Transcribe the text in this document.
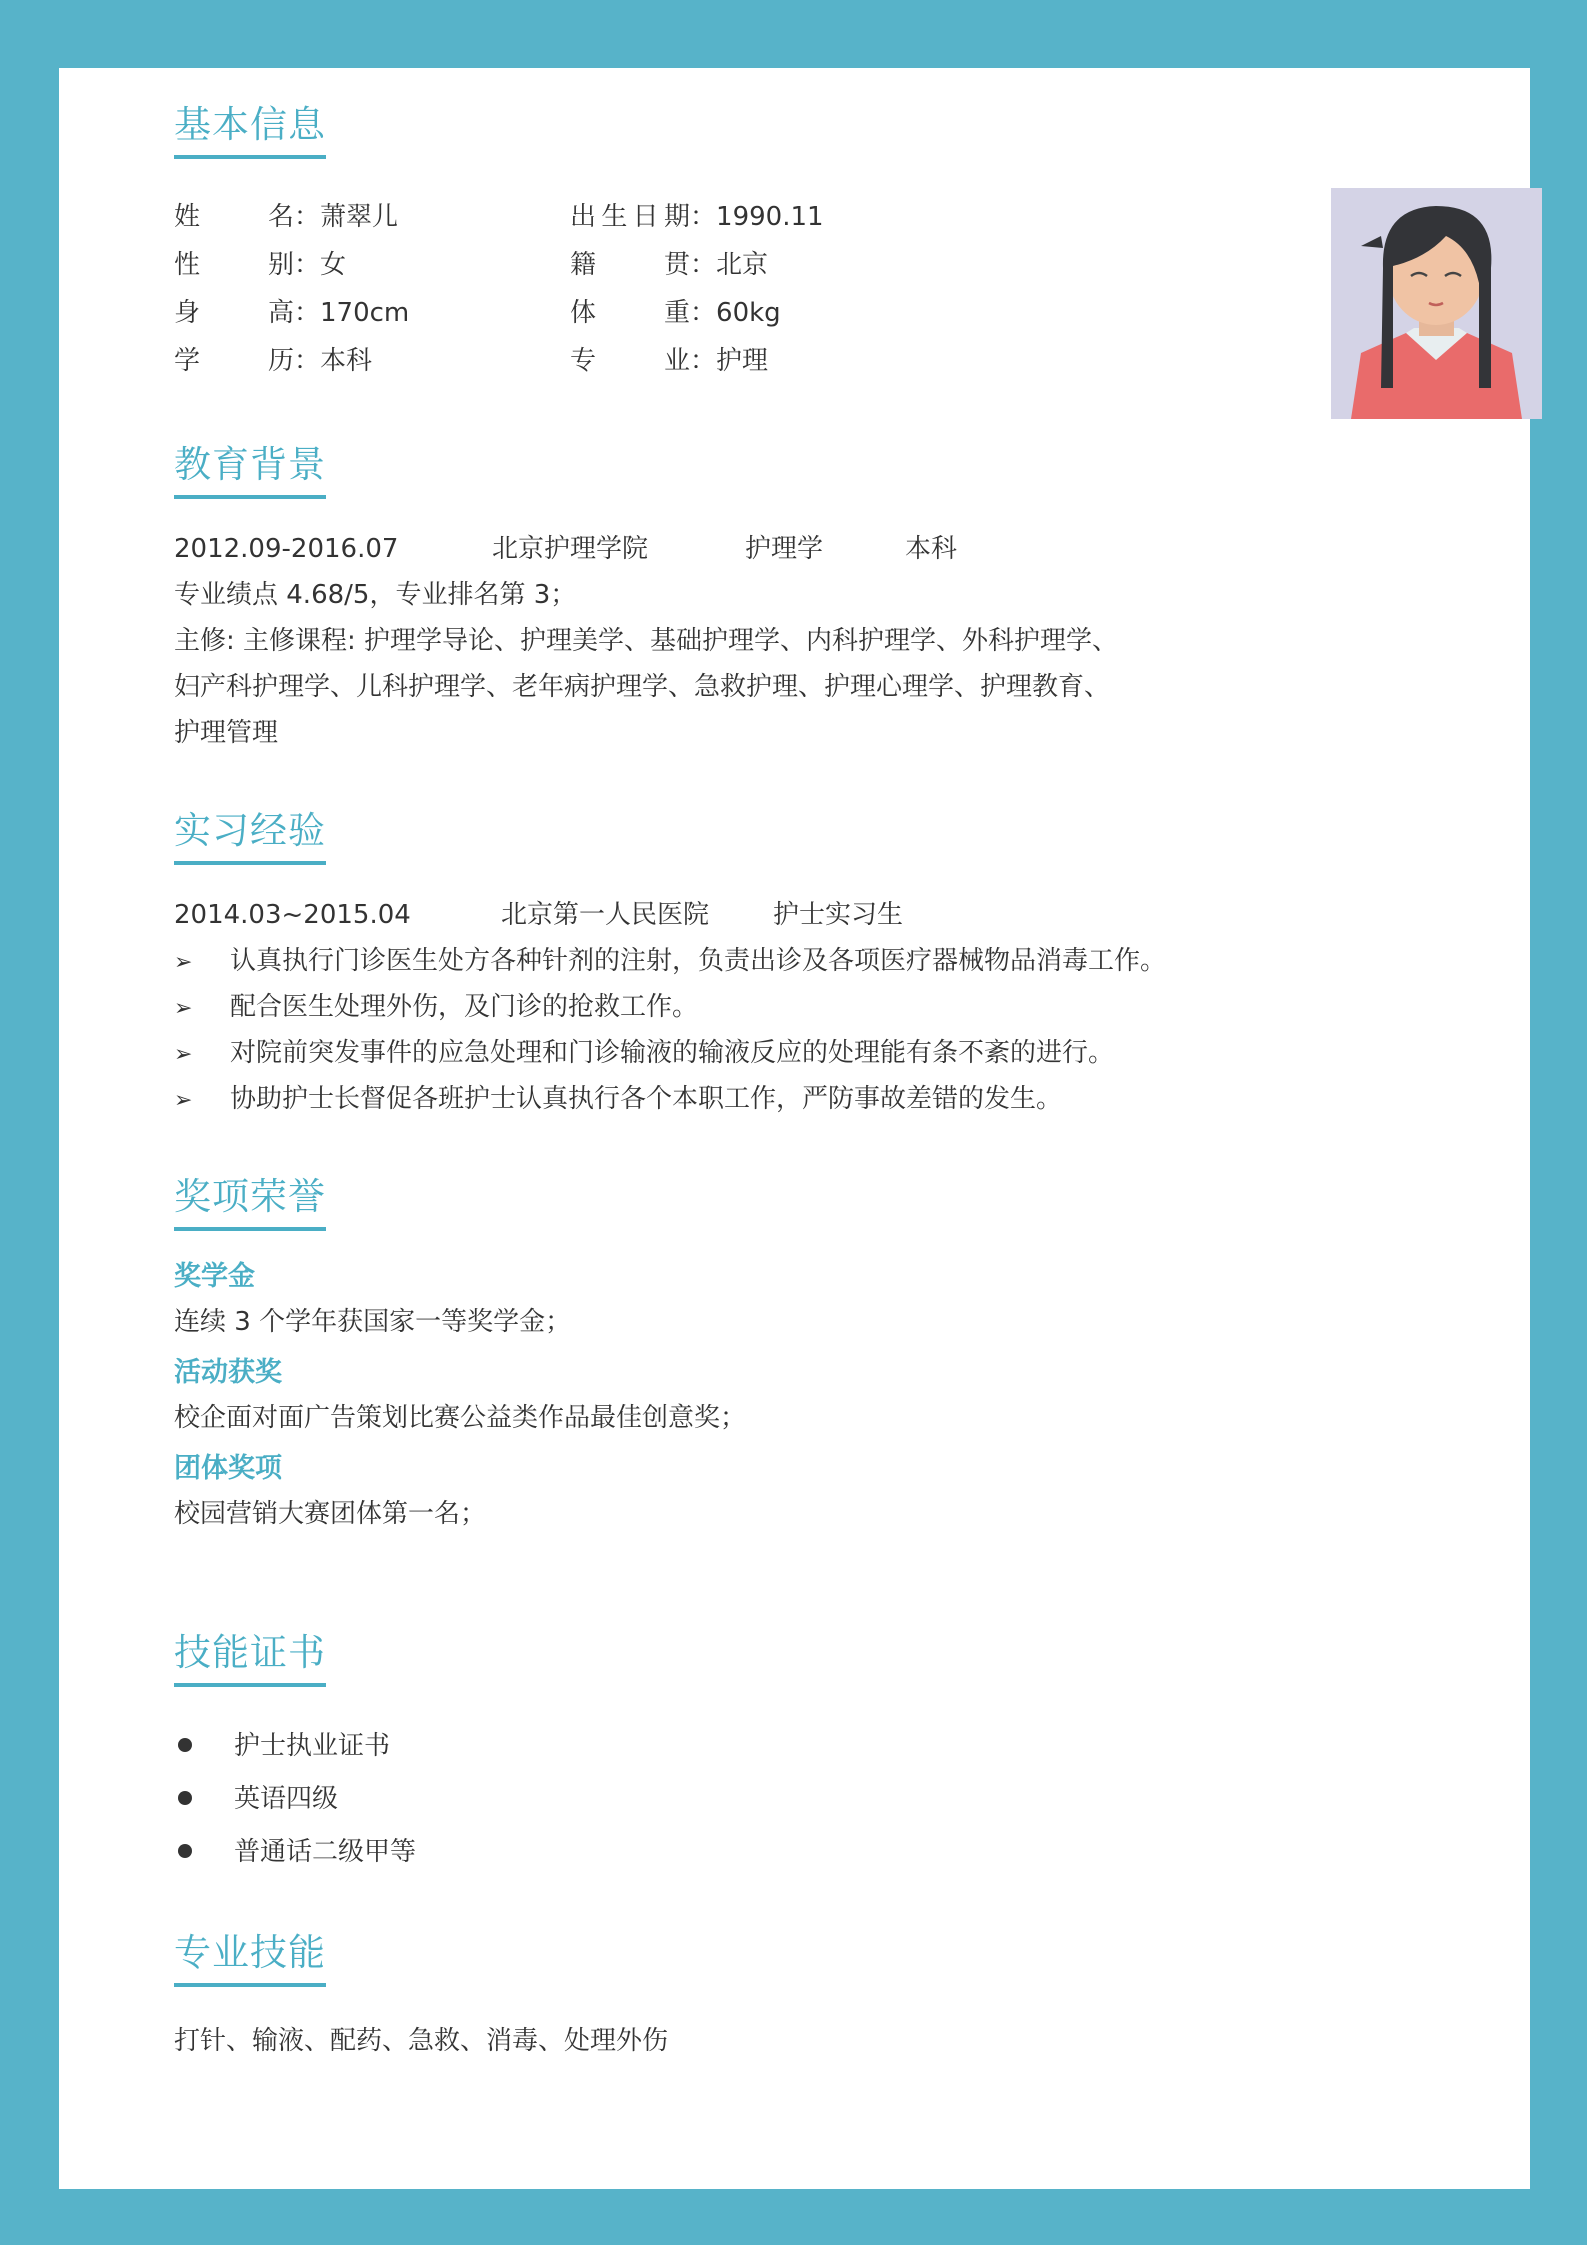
基本信息
姓　　名：萧翠儿	出生日期：1990.11
性　　别：女	籍　　贯：北京
身　　高：170cm	体　　重：60kg
学　　历：本科	专　　业：护理
教育背景
2012.09-2016.07	北京护理学院	护理学	本科
专业绩点 4.68/5，专业排名第 3；
主修: 主修课程: 护理学导论、护理美学、基础护理学、内科护理学、外科护理学、
妇产科护理学、儿科护理学、老年病护理学、急救护理、护理心理学、护理教育、
护理管理
实习经验
2014.03~2015.04	北京第一人民医院 护士实习生
➢ 认真执行门诊医生处方各种针剂的注射，负责出诊及各项医疗器械物品消毒工作。
➢ 配合医生处理外伤，及门诊的抢救工作。
➢ 对院前突发事件的应急处理和门诊输液的输液反应的处理能有条不紊的进行。
➢ 协助护士长督促各班护士认真执行各个本职工作，严防事故差错的发生。
奖项荣誉
奖学金
连续 3 个学年获国家一等奖学金；
活动获奖
校企面对面广告策划比赛公益类作品最佳创意奖；
团体奖项
校园营销大赛团体第一名；
技能证书
护士执业证书
英语四级
普通话二级甲等
专业技能
打针、输液、配药、急救、消毒、处理外伤
